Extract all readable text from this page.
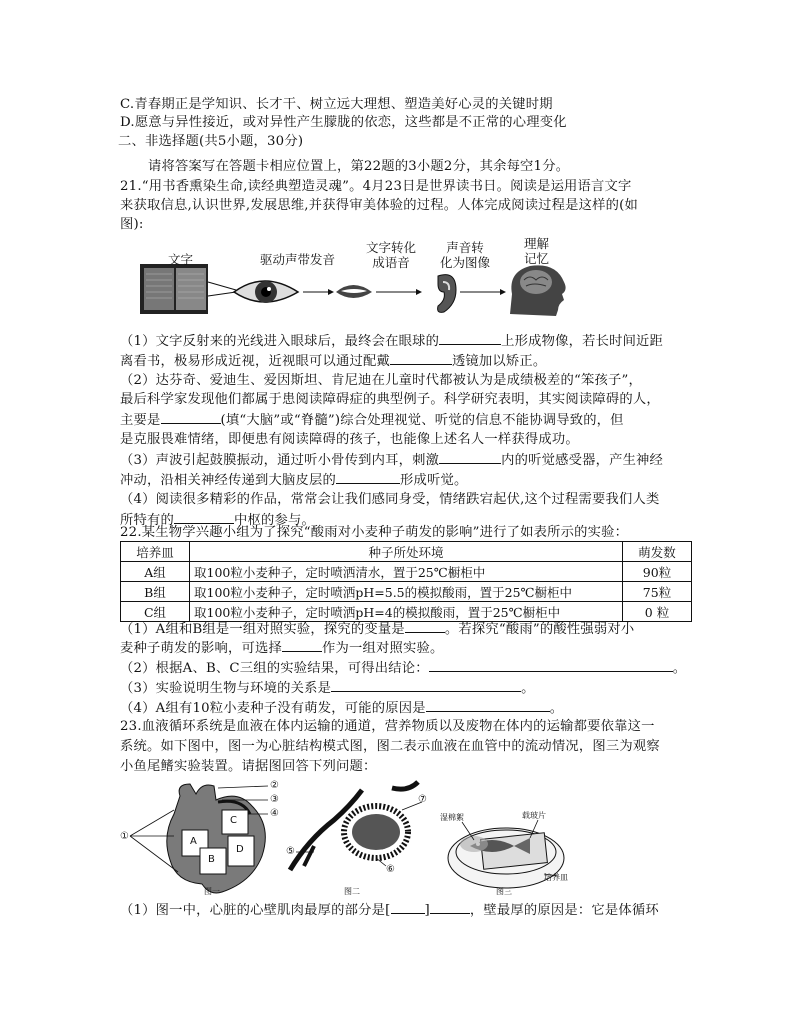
C.青春期正是学知识、长才干、树立远大理想、塑造美好心灵的关键时期
D.愿意与异性接近，或对异性产生朦胧的依恋，这些都是不正常的心理变化
二、非选择题(共5小题，30分)
请将答案写在答题卡相应位置上，第22题的3小题2分，其余每空1分。
21.“用书香熏染生命,读经典塑造灵魂”。4月23日是世界读书日。阅读是运用语言文字
来获取信息,认识世界,发展思维,并获得审美体验的过程。人体完成阅读过程是这样的(如
图):
文字	驱动声带发音
文字转化
成语音
声音转
化为图像
理解
记忆
（1）文字反射来的光线进入眼球后，最终会在眼球的	上形成物像，若长时间近距
离看书，极易形成近视，近视眼可以通过配戴	透镜加以矫正。
（2）达芬奇、爱迪生、爱因斯坦、肯尼迪在儿童时代都被认为是成绩极差的“笨孩子”，
最后科学家发现他们都属于患阅读障碍症的典型例子。科学研究表明，其实阅读障碍的人，
主要是	(填“大脑”或“脊髓”)综合处理视觉、听觉的信息不能协调导致的，但
是克服畏难情绪，即便患有阅读障碍的孩子，也能像上述名人一样获得成功。
（3）声波引起鼓膜振动，通过听小骨传到内耳，刺激	内的听觉感受器，产生神经
冲动，沿相关神经传递到大脑皮层的	形成听觉。
（4）阅读很多精彩的作品，常常会让我们感同身受，情绪跌宕起伏,这个过程需要我们人类
所特有的	中枢的参与。
22.某生物学兴趣小组为了探究“酸雨对小麦种子萌发的影响”进行了如表所示的实验：
培养皿	种子所处环境	萌发数
A组	取100粒小麦种子，定时喷洒清水，置于25℃橱柜中	90粒
B组	取100粒小麦种子，定时喷洒pH=5.5的模拟酸雨，置于25℃橱柜中	75粒
C组	取100粒小麦种子，定时喷洒pH=4的模拟酸雨，置于25℃橱柜中	0 粒
（1）A组和B组是一组对照实验，探究的变量是	。若探究“酸雨”的酸性强弱对小
麦种子萌发的影响，可选择	作为一组对照实验。
（2）根据A、B、C三组的实验结果，可得出结论：	。
（3）实验说明生物与环境的关系是	。
（4）A组有10粒小麦种子没有萌发，可能的原因是	。
23.血液循环系统是血液在体内运输的通道，营养物质以及废物在体内的运输都要依靠这一
系统。如下图中，图一为心脏结构模式图，图二表示血液在血管中的流动情况，图三为观察
小鱼尾鳍实验装置。请据图回答下列问题：
①
②
③
④
A
B
C
D
图一
⑤
⑥
⑦
图二
湿棉絮	载玻片
培养皿
图三
（1）图一中，心脏的心壁肌肉最厚的部分是[	]	，壁最厚的原因是：它是体循环
